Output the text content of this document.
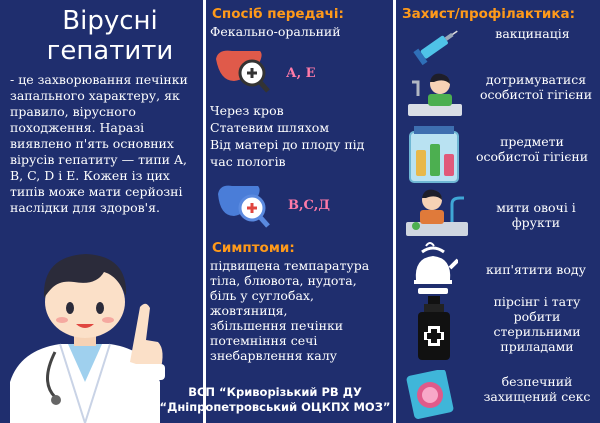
Вірусні гепатити
- це захворювання печінки запального характеру, як правило, вірусного походження. Наразі виявлено п'ять основних вірусів гепатиту — типи A, B, C, D і E. Кожен із цих типів може мати серйозні наслідки для здоров'я.
Спосіб передачі:
Фекально-оральний
А, Е
Через кров
Статевим шляхом
Від матері до плоду під час пологів
В,С,Д
Симптоми:
підвищена темпаратура
тіла, блювота, нудота,
біль у суглобах,
жовтяниця,
збільшення печінки
потемніння сечі
знебарвлення калу
ВСП “Криворізький РВ ДУ
“Дніпропетровський ОЦКПХ МОЗ”
Захист/профілактика:
вакцинація
дотримуватися особистої гігієни
предмети особистої гігієни
мити овочі і фрукти
кип'ятити воду
пірсінг і тату робити стерильними приладами
безпечний захищений секс
